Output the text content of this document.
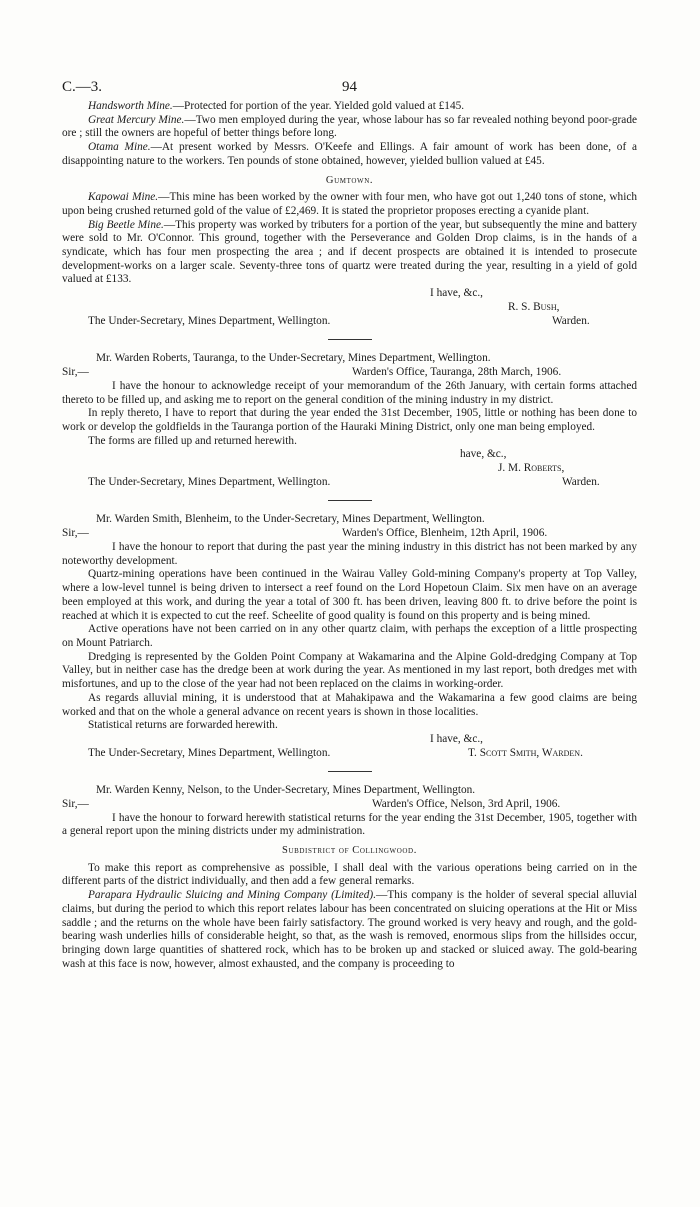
C.—3.	94

Handsworth Mine.—Protected for portion of the year. Yielded gold valued at £145.

Great Mercury Mine.—Two men employed during the year, whose labour has so far revealed nothing beyond poor-grade ore ; still the owners are hopeful of better things before long.

Otama Mine.—At present worked by Messrs. O'Keefe and Ellings. A fair amount of work has been done, of a disappointing nature to the workers. Ten pounds of stone obtained, however, yielded bullion valued at £45.

Gumtown.

Kapowai Mine.—This mine has been worked by the owner with four men, who have got out 1,240 tons of stone, which upon being crushed returned gold of the value of £2,469. It is stated the proprietor proposes erecting a cyanide plant.

Big Beetle Mine.—This property was worked by tributers for a portion of the year, but subsequently the mine and battery were sold to Mr. O'Connor. This ground, together with the Perseverance and Golden Drop claims, is in the hands of a syndicate, which has four men prospecting the area ; and if decent prospects are obtained it is intended to prosecute development-works on a larger scale. Seventy-three tons of quartz were treated during the year, resulting in a yield of gold valued at £133.

I have, &c.,
R. S. Bush,
The Under-Secretary, Mines Department, Wellington.	Warden.

Mr. Warden Roberts, Tauranga, to the Under-Secretary, Mines Department, Wellington.

Sir,—	Warden's Office, Tauranga, 28th March, 1906.

I have the honour to acknowledge receipt of your memorandum of the 26th January, with certain forms attached thereto to be filled up, and asking me to report on the general condition of the mining industry in my district.

In reply thereto, I have to report that during the year ended the 31st December, 1905, little or nothing has been done to work or develop the goldfields in the Tauranga portion of the Hauraki Mining District, only one man being employed.

The forms are filled up and returned herewith.

have, &c.,
J. M. Roberts,
The Under-Secretary, Mines Department, Wellington.	Warden.

Mr. Warden Smith, Blenheim, to the Under-Secretary, Mines Department, Wellington.

Sir,—	Warden's Office, Blenheim, 12th April, 1906.

I have the honour to report that during the past year the mining industry in this district has not been marked by any noteworthy development.

Quartz-mining operations have been continued in the Wairau Valley Gold-mining Company's property at Top Valley, where a low-level tunnel is being driven to intersect a reef found on the Lord Hopetoun Claim. Six men have on an average been employed at this work, and during the year a total of 300 ft. has been driven, leaving 800 ft. to drive before the point is reached at which it is expected to cut the reef. Scheelite of good quality is found on this property and is being mined.

Active operations have not been carried on in any other quartz claim, with perhaps the exception of a little prospecting on Mount Patriarch.

Dredging is represented by the Golden Point Company at Wakamarina and the Alpine Gold-dredging Company at Top Valley, but in neither case has the dredge been at work during the year. As mentioned in my last report, both dredges met with misfortunes, and up to the close of the year had not been replaced on the claims in working-order.

As regards alluvial mining, it is understood that at Mahakipawa and the Wakamarina a few good claims are being worked and that on the whole a general advance on recent years is shown in those localities.

Statistical returns are forwarded herewith.

I have, &c.,
The Under-Secretary, Mines Department, Wellington.	T. Scott Smith, Warden.

Mr. Warden Kenny, Nelson, to the Under-Secretary, Mines Department, Wellington.

Sir,—	Warden's Office, Nelson, 3rd April, 1906.

I have the honour to forward herewith statistical returns for the year ending the 31st December, 1905, together with a general report upon the mining districts under my administration.

Subdistrict of Collingwood.

To make this report as comprehensive as possible, I shall deal with the various operations being carried on in the different parts of the district individually, and then add a few general remarks.

Parapara Hydraulic Sluicing and Mining Company (Limited).—This company is the holder of several special alluvial claims, but during the period to which this report relates labour has been concentrated on sluicing operations at the Hit or Miss saddle ; and the returns on the whole have been fairly satisfactory. The ground worked is very heavy and rough, and the gold-bearing wash underlies hills of considerable height, so that, as the wash is removed, enormous slips from the hillsides occur, bringing down large quantities of shattered rock, which has to be broken up and stacked or sluiced away. The gold-bearing wash at this face is now, however, almost exhausted, and the company is proceeding to
